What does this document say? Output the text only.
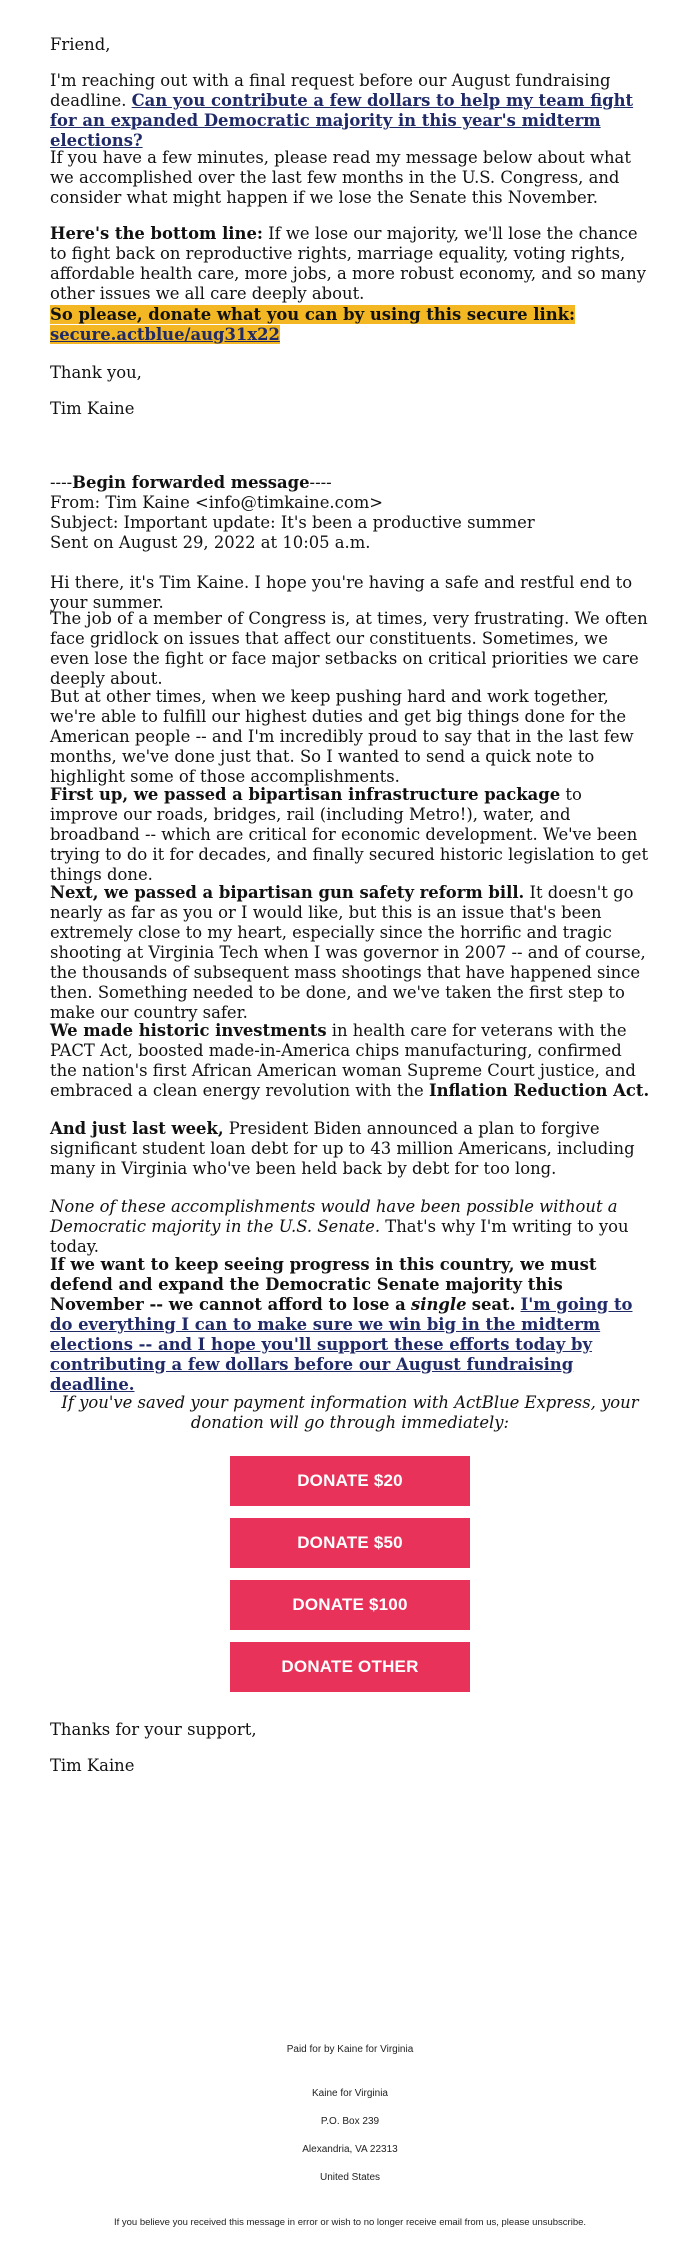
Friend,

I'm reaching out with a final request before our August fundraising deadline. Can you contribute a few dollars to help my team fight for an expanded Democratic majority in this year's midterm elections?

If you have a few minutes, please read my message below about what we accomplished over the last few months in the U.S. Congress, and consider what might happen if we lose the Senate this November.

Here's the bottom line: If we lose our majority, we'll lose the chance to fight back on reproductive rights, marriage equality, voting rights, affordable health care, more jobs, a more robust economy, and so many other issues we all care deeply about.

So please, donate what you can by using this secure link:
secure.actblue/aug31x22

Thank you,

Tim Kaine

----Begin forwarded message----

From: Tim Kaine <info@timkaine.com>

Subject: Important update: It's been a productive summer

Sent on August 29, 2022 at 10:05 a.m.

Hi there, it's Tim Kaine. I hope you're having a safe and restful end to your summer.

The job of a member of Congress is, at times, very frustrating. We often face gridlock on issues that affect our constituents. Sometimes, we even lose the fight or face major setbacks on critical priorities we care deeply about.

But at other times, when we keep pushing hard and work together, we're able to fulfill our highest duties and get big things done for the American people -- and I'm incredibly proud to say that in the last few months, we've done just that. So I wanted to send a quick note to highlight some of those accomplishments.

First up, we passed a bipartisan infrastructure package to improve our roads, bridges, rail (including Metro!), water, and broadband -- which are critical for economic development. We've been trying to do it for decades, and finally secured historic legislation to get things done.

Next, we passed a bipartisan gun safety reform bill. It doesn't go nearly as far as you or I would like, but this is an issue that's been extremely close to my heart, especially since the horrific and tragic shooting at Virginia Tech when I was governor in 2007 -- and of course, the thousands of subsequent mass shootings that have happened since then. Something needed to be done, and we've taken the first step to make our country safer.

We made historic investments in health care for veterans with the PACT Act, boosted made-in-America chips manufacturing, confirmed the nation's first African American woman Supreme Court justice, and embraced a clean energy revolution with the Inflation Reduction Act.

And just last week, President Biden announced a plan to forgive significant student loan debt for up to 43 million Americans, including many in Virginia who've been held back by debt for too long.

None of these accomplishments would have been possible without a Democratic majority in the U.S. Senate. That's why I'm writing to you today.

If we want to keep seeing progress in this country, we must defend and expand the Democratic Senate majority this November -- we cannot afford to lose a single seat. I'm going to do everything I can to make sure we win big in the midterm elections -- and I hope you'll support these efforts today by contributing a few dollars before our August fundraising deadline.

If you've saved your payment information with ActBlue Express, your donation will go through immediately:

DONATE $20
DONATE $50
DONATE $100
DONATE OTHER

Thanks for your support,

Tim Kaine

Paid for by Kaine for Virginia
Kaine for Virginia
P.O. Box 239
Alexandria, VA 22313
United States
If you believe you received this message in error or wish to no longer receive email from us, please unsubscribe.
